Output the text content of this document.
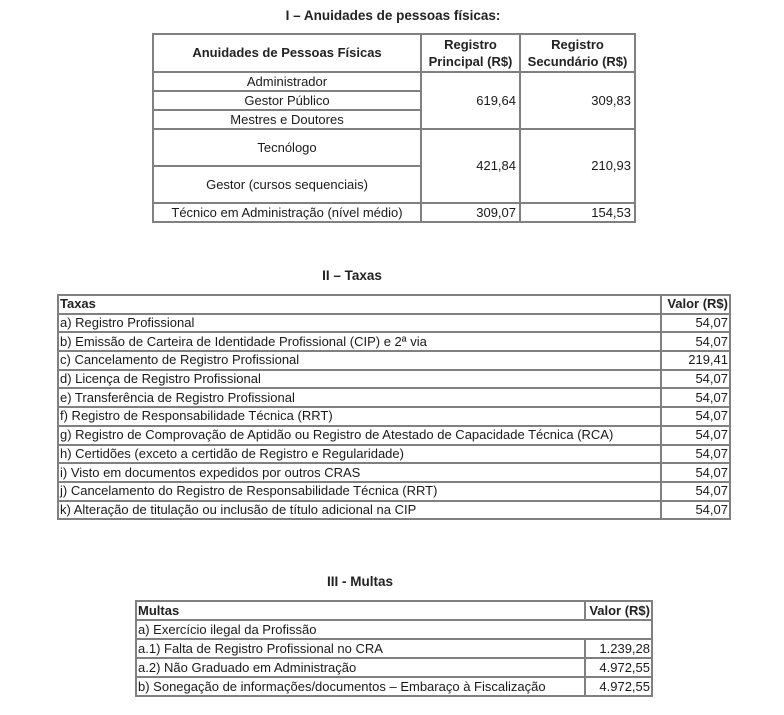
I – Anuidades de pessoas físicas:
Anuidades de Pessoas Físicas	Registro Principal (R$)	Registro Secundário (R$)
Administrador	619,64	309,83
Gestor Público		
Mestres e Doutores		
Tecnólogo	421,84	210,93
Gestor (cursos sequenciais)		
Técnico em Administração (nível médio)	309,07	154,53
II – Taxas
Taxas	Valor (R$)
a) Registro Profissional	54,07
b) Emissão de Carteira de Identidade Profissional (CIP) e 2ª via	54,07
c) Cancelamento de Registro Profissional	219,41
d) Licença de Registro Profissional	54,07
e) Transferência de Registro Profissional	54,07
f) Registro de Responsabilidade Técnica (RRT)	54,07
g) Registro de Comprovação de Aptidão ou Registro de Atestado de Capacidade Técnica (RCA)	54,07
h) Certidões (exceto a certidão de Registro e Regularidade)	54,07
i) Visto em documentos expedidos por outros CRAS	54,07
j) Cancelamento do Registro de Responsabilidade Técnica (RRT)	54,07
k) Alteração de titulação ou inclusão de título adicional na CIP	54,07
III - Multas
Multas	Valor (R$)
a) Exercício ilegal da Profissão	
a.1) Falta de Registro Profissional no CRA	1.239,28
a.2) Não Graduado em Administração	4.972,55
b) Sonegação de informações/documentos – Embaraço à Fiscalização	4.972,55
